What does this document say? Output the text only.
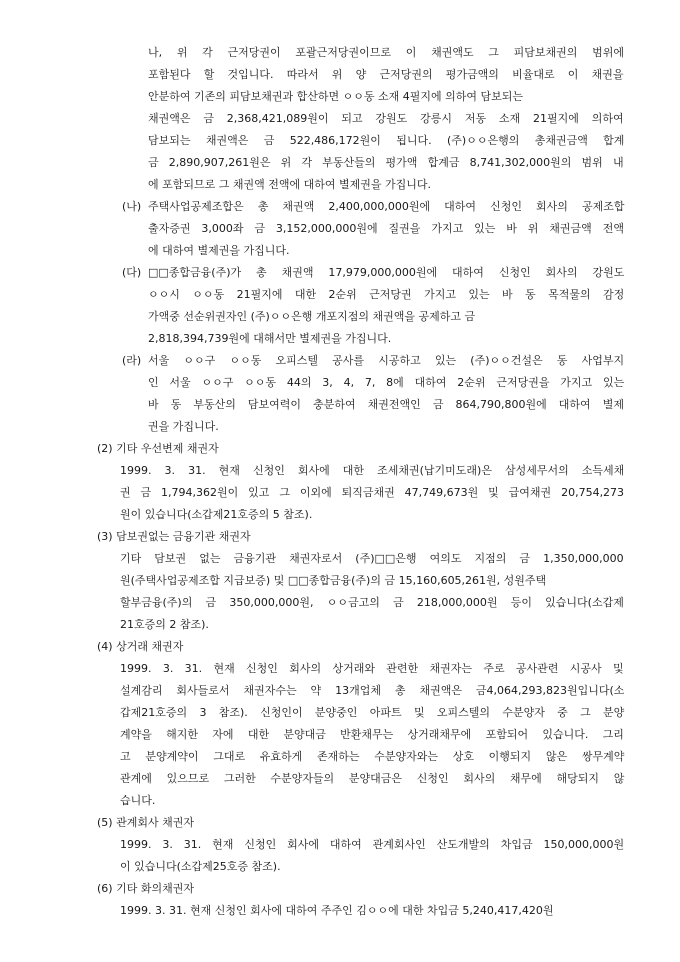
나, 위 각 근저당권이 포괄근저당권이므로 이 채권액도 그 피담보채권의 범위에
포함된다 할 것입니다. 따라서 위 양 근저당권의 평가금액의 비율대로 이 채권을
안분하여 기존의 피담보채권과 합산하면 ㅇㅇ동 소재 4필지에 의하여 담보되는
채권액은 금 2,368,421,089원이 되고 강원도 강릉시 저동 소재 21필지에 의하여
담보되는 채권액은 금 522,486,172원이 됩니다. (주)ㅇㅇ은행의 총채권금액 합계
금 2,890,907,261원은 위 각 부동산들의 평가액 합계금 8,741,302,000원의 범위 내
에 포함되므로 그 채권액 전액에 대하여 별제권을 가집니다.
(나) 주택사업공제조합은 총 채권액 2,400,000,000원에 대하여 신청인 회사의 공제조합
출자증권 3,000좌 금 3,152,000,000원에 질권을 가지고 있는 바 위 채권금액 전액
에 대하여 별제권을 가집니다.
(다) □□종합금융(주)가 총 채권액 17,979,000,000원에 대하여 신청인 회사의 강원도
ㅇㅇ시 ㅇㅇ동 21필지에 대한 2순위 근저당권 가지고 있는 바 동 목적물의 감정
가액중 선순위권자인 (주)ㅇㅇ은행 개포지점의 채권액을 공제하고 금
2,818,394,739원에 대해서만 별제권을 가집니다.
(라) 서울 ㅇㅇ구 ㅇㅇ동 오피스텔 공사를 시공하고 있는 (주)ㅇㅇ건설은 동 사업부지
인 서울 ㅇㅇ구 ㅇㅇ동 44의 3, 4, 7, 8에 대하여 2순위 근저당권을 가지고 있는
바 동 부동산의 담보여력이 충분하여 채권전액인 금 864,790,800원에 대하여 별제
권을 가집니다.
(2) 기타 우선변제 채권자
1999. 3. 31. 현재 신청인 회사에 대한 조세채권(납기미도래)은 삼성세무서의 소득세채
권 금 1,794,362원이 있고 그 이외에 퇴직금채권 47,749,673원 및 급여채권 20,754,273
원이 있습니다(소갑제21호증의 5 참조).
(3) 담보권없는 금융기관 채권자
기타 담보권 없는 금융기관 채권자로서 (주)□□은행 여의도 지점의 금 1,350,000,000
원(주택사업공제조합 지급보증) 및 □□종합금융(주)의 금 15,160,605,261원, 성원주택
할부금융(주)의 금 350,000,000원, ㅇㅇ금고의 금 218,000,000원 등이 있습니다(소갑제
21호증의 2 참조).
(4) 상거래 채권자
1999. 3. 31. 현재 신청인 회사의 상거래와 관련한 채권자는 주로 공사관련 시공사 및
설계감리 회사들로서 채권자수는 약 13개업체 총 채권액은 금4,064,293,823원입니다(소
갑제21호증의 3 참조). 신청인이 분양중인 아파트 및 오피스텔의 수분양자 중 그 분양
계약을 해지한 자에 대한 분양대금 반환채무는 상거래채무에 포함되어 있습니다. 그리
고 분양계약이 그대로 유효하게 존재하는 수분양자와는 상호 이행되지 않은 쌍무계약
관계에 있으므로 그러한 수분양자들의 분양대금은 신청인 회사의 채무에 해당되지 않
습니다.
(5) 관계회사 채권자
1999. 3. 31. 현재 신청인 회사에 대하여 관계회사인 산도개발의 차입금 150,000,000원
이 있습니다(소갑제25호증 참조).
(6) 기타 화의채권자
1999. 3. 31. 현재 신청인 회사에 대하여 주주인 김ㅇㅇ에 대한 차입금 5,240,417,420원
